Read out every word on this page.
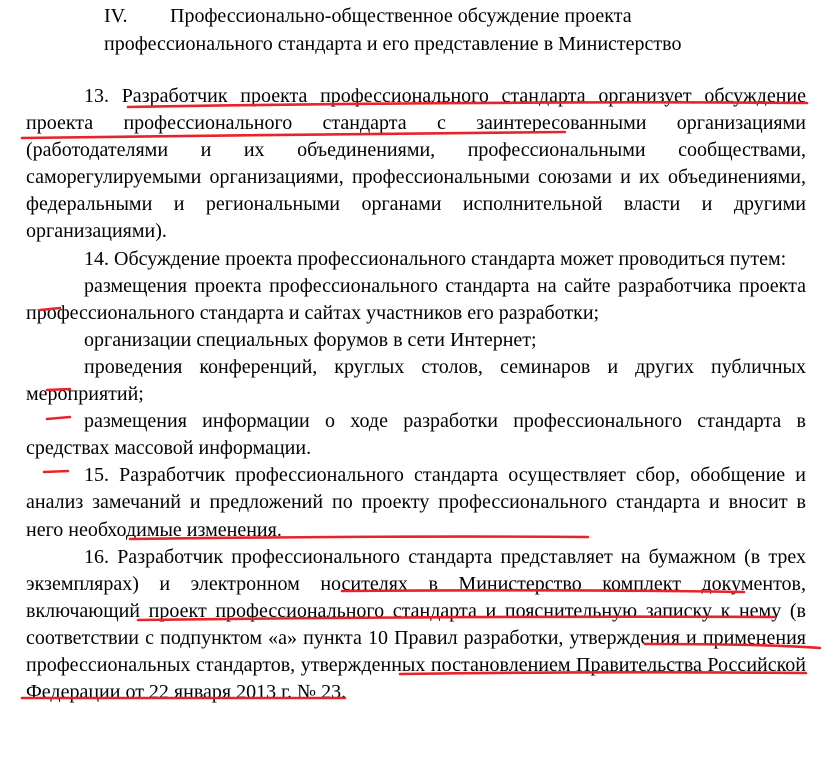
IV. Профессионально-общественное обсуждение проекта
профессионального стандарта и его представление в Министерство

13. Разработчик проекта профессионального стандарта организует обсуждение проекта профессионального стандарта с заинтересованными организациями (работодателями и их объединениями, профессиональными сообществами, саморегулируемыми организациями, профессиональными союзами и их объединениями, федеральными и региональными органами исполнительной власти и другими организациями).

14. Обсуждение проекта профессионального стандарта может проводиться путем:

размещения проекта профессионального стандарта на сайте разработчика проекта профессионального стандарта и сайтах участников его разработки;

организации специальных форумов в сети Интернет;

проведения конференций, круглых столов, семинаров и других публичных мероприятий;

размещения информации о ходе разработки профессионального стандарта в средствах массовой информации.

15. Разработчик профессионального стандарта осуществляет сбор, обобщение и анализ замечаний и предложений по проекту профессионального стандарта и вносит в него необходимые изменения.

16. Разработчик профессионального стандарта представляет на бумажном (в трех экземплярах) и электронном носителях в Министерство комплект документов, включающий проект профессионального стандарта и пояснительную записку к нему (в соответствии с подпунктом «а» пункта 10 Правил разработки, утверждения и применения профессиональных стандартов, утвержденных постановлением Правительства Российской Федерации от 22 января 2013 г. № 23.
